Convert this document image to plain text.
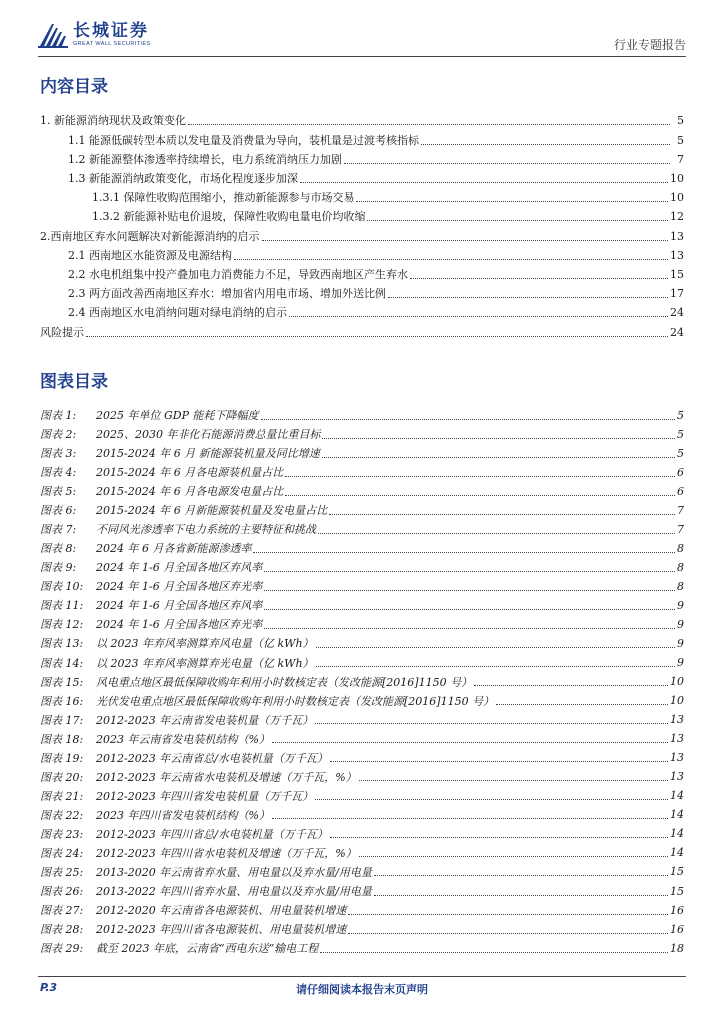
长城证券
GREAT WALL SECURITIES	行业专题报告
内容目录
1. 新能源消纳现状及政策变化	5
1.1 能源低碳转型本质以发电量及消费量为导向，装机量是过渡考核指标	5
1.2 新能源整体渗透率持续增长，电力系统消纳压力加剧	7
1.3 新能源消纳政策变化，市场化程度逐步加深	10
1.3.1 保障性收购范围缩小，推动新能源参与市场交易	10
1.3.2 新能源补贴电价退坡，保障性收购电量电价均收缩	12
2.西南地区弃水问题解决对新能源消纳的启示	13
2.1 西南地区水能资源及电源结构	13
2.2 水电机组集中投产叠加电力消费能力不足，导致西南地区产生弃水	15
2.3 两方面改善西南地区弃水：增加省内用电市场、增加外送比例	17
2.4 西南地区水电消纳问题对绿电消纳的启示	24
风险提示	24
图表目录
图表 1:	2025 年单位 GDP 能耗下降幅度	5
图表 2:	2025、2030 年非化石能源消费总量比重目标	5
图表 3:	2015-2024 年 6 月 新能源装机量及同比增速	5
图表 4:	2015-2024 年 6 月各电源装机量占比	6
图表 5:	2015-2024 年 6 月各电源发电量占比	6
图表 6:	2015-2024 年 6 月新能源装机量及发电量占比	7
图表 7:	不同风光渗透率下电力系统的主要特征和挑战	7
图表 8:	2024 年 6 月各省新能源渗透率	8
图表 9:	2024 年 1-6 月全国各地区弃风率	8
图表 10:	2024 年 1-6 月全国各地区弃光率	8
图表 11:	2024 年 1-6 月全国各地区弃风率	9
图表 12:	2024 年 1-6 月全国各地区弃光率	9
图表 13:	以 2023 年弃风率测算弃风电量（亿 kWh）	9
图表 14:	以 2023 年弃风率测算弃光电量（亿 kWh）	9
图表 15:	风电重点地区最低保障收购年利用小时数核定表（发改能源[2016]1150 号）	10
图表 16:	光伏发电重点地区最低保障收购年利用小时数核定表（发改能源[2016]1150 号）	10
图表 17:	2012-2023 年云南省发电装机量（万千瓦）	13
图表 18:	2023 年云南省发电装机结构（%）	13
图表 19:	2012-2023 年云南省总/水电装机量（万千瓦）	13
图表 20:	2012-2023 年云南省水电装机及增速（万千瓦，%）	13
图表 21:	2012-2023 年四川省发电装机量（万千瓦）	14
图表 22:	2023 年四川省发电装机结构（%）	14
图表 23:	2012-2023 年四川省总/水电装机量（万千瓦）	14
图表 24:	2012-2023 年四川省水电装机及增速（万千瓦，%）	14
图表 25:	2013-2020 年云南省弃水量、用电量以及弃水量/用电量	15
图表 26:	2013-2022 年四川省弃水量、用电量以及弃水量/用电量	15
图表 27:	2012-2020 年云南省各电源装机、用电量装机增速	16
图表 28:	2012-2023 年四川省各电源装机、用电量装机增速	16
图表 29:	截至 2023 年底，云南省“西电东送”输电工程	18
P.3	请仔细阅读本报告末页声明
